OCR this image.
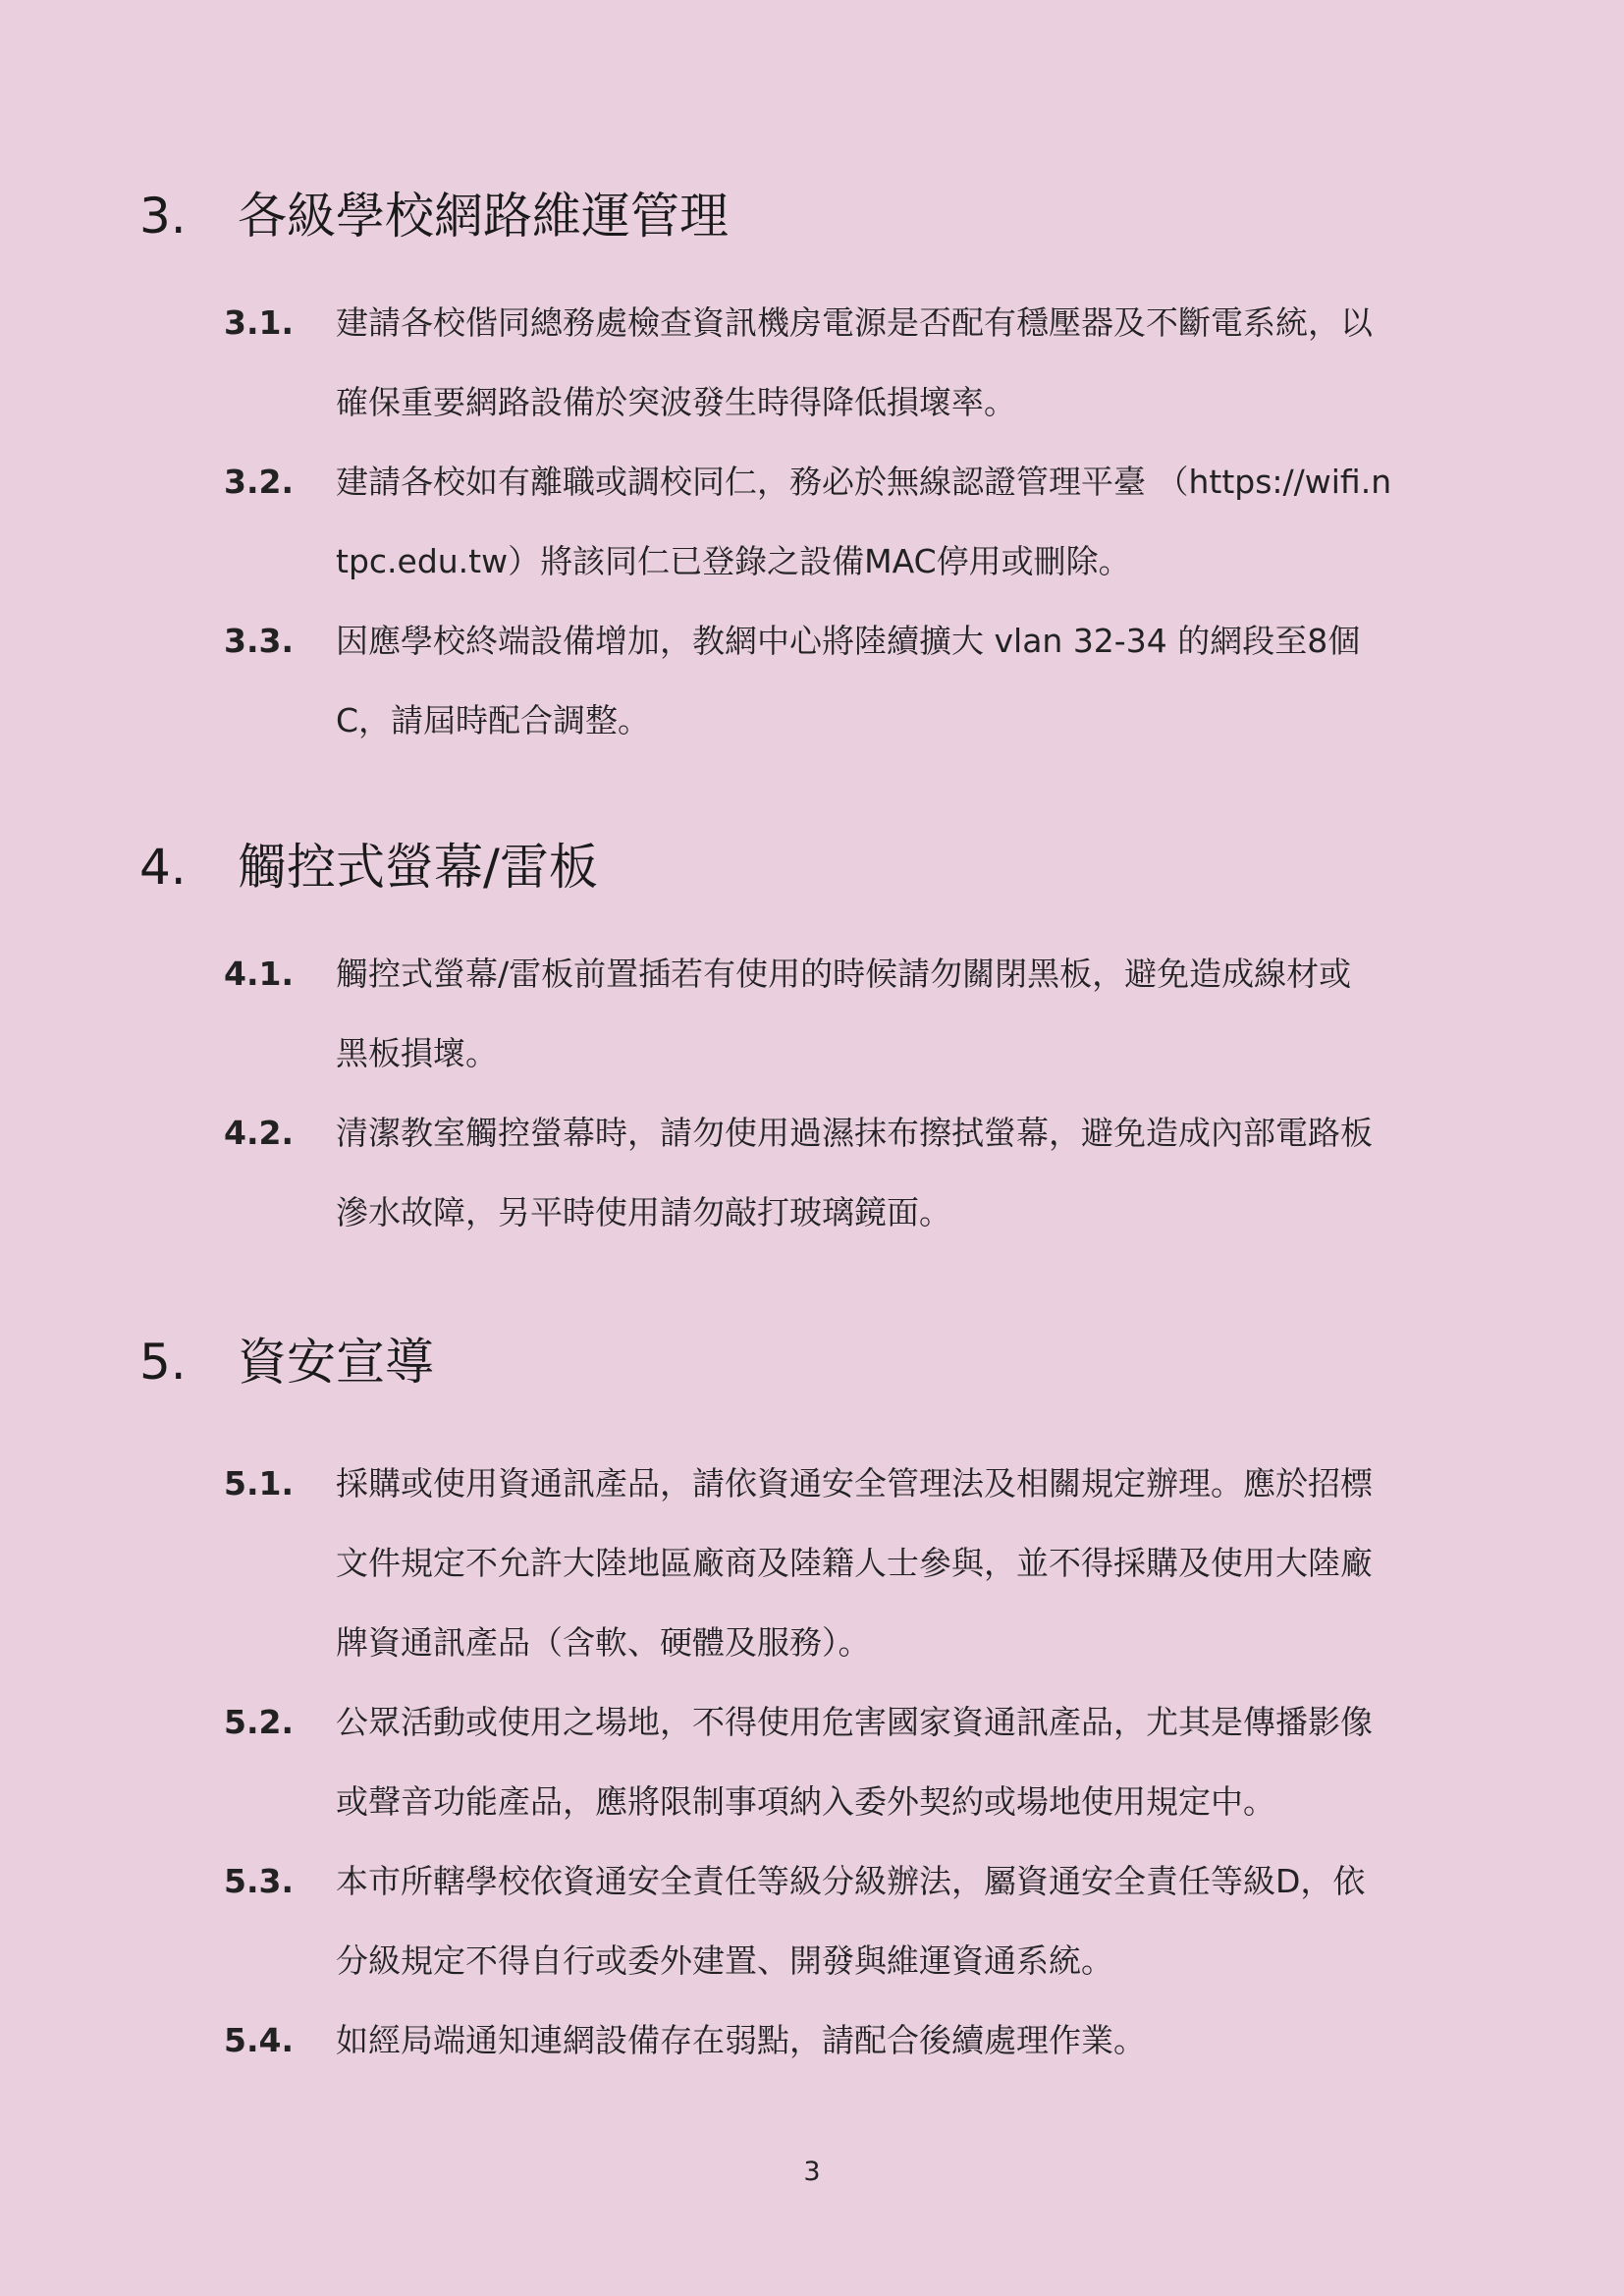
3. 各級學校網路維運管理
3.1. 建請各校偕同總務處檢查資訊機房電源是否配有穩壓器及不斷電系統，以
確保重要網路設備於突波發生時得降低損壞率。
3.2. 建請各校如有離職或調校同仁，務必於無線認證管理平臺 （https://wifi.n
tpc.edu.tw）將該同仁已登錄之設備MAC停用或刪除。
3.3. 因應學校終端設備增加，教網中心將陸續擴大 vlan 32-34 的網段至8個
C，請屆時配合調整。
4. 觸控式螢幕/雷板
4.1. 觸控式螢幕/雷板前置插若有使用的時候請勿關閉黑板，避免造成線材或
黑板損壞。
4.2. 清潔教室觸控螢幕時，請勿使用過濕抹布擦拭螢幕，避免造成內部電路板
滲水故障，另平時使用請勿敲打玻璃鏡面。
5. 資安宣導
5.1. 採購或使用資通訊產品，請依資通安全管理法及相關規定辦理。應於招標
文件規定不允許大陸地區廠商及陸籍人士參與，並不得採購及使用大陸廠
牌資通訊產品（含軟、硬體及服務）。
5.2. 公眾活動或使用之場地，不得使用危害國家資通訊產品，尤其是傳播影像
或聲音功能產品，應將限制事項納入委外契約或場地使用規定中。
5.3. 本市所轄學校依資通安全責任等級分級辦法，屬資通安全責任等級D，依
分級規定不得自行或委外建置、開發與維運資通系統。
5.4. 如經局端通知連網設備存在弱點，請配合後續處理作業。
3
